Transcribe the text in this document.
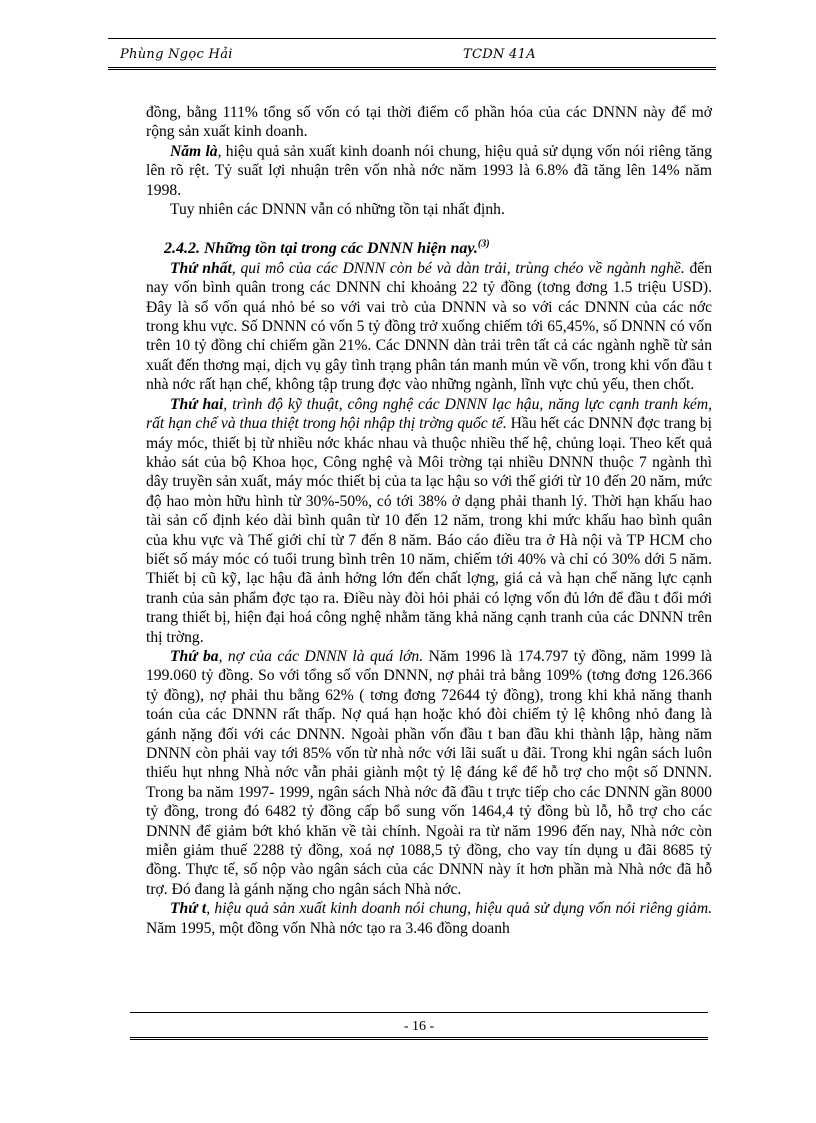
Phùng Ngọc Hải	TCDN 41A

đồng, bằng 111% tổng số vốn có tại thời điểm cổ phần hóa của các DNNN này để mở rộng sản xuất kinh doanh.

Năm là, hiệu quả sản xuất kinh doanh nói chung, hiệu quả sử dụng vốn nói riêng tăng lên rõ rệt. Tỷ suất lợi nhuận trên vốn nhà nớc năm 1993 là 6.8% đã tăng lên 14% năm 1998.

Tuy nhiên các DNNN vẫn có những tồn tại nhất định.

2.4.2. Những tồn tại trong các DNNN hiện nay.$^{(3)}$

Thứ nhất, qui mô của các DNNN còn bé và dàn trải, trùng chéo về ngành nghề. đến nay vốn bình quân trong các DNNN chỉ khoảng 22 tỷ đồng (tơng đơng 1.5 triệu USD). Đây là số vốn quá nhỏ bé so với vai trò của DNNN và so với các DNNN của các nớc trong khu vực. Số DNNN có vốn 5 tỷ đồng trở xuống chiếm tới 65,45%, số DNNN có vốn trên 10 tỷ đồng chỉ chiếm gần 21%. Các DNNN dàn trải trên tất cả các ngành nghề từ sản xuất đến thơng mại, dịch vụ gây tình trạng phân tán manh mún về vốn, trong khi vốn đầu t nhà nớc rất hạn chế, không tập trung đợc vào những ngành, lĩnh vực chủ yếu, then chốt.

Thứ hai, trình độ kỹ thuật, công nghệ các DNNN lạc hậu, năng lực cạnh tranh kém, rất hạn chế và thua thiệt trong hội nhập thị trờng quốc tế. Hầu hết các DNNN đợc trang bị máy móc, thiết bị từ nhiều nớc khác nhau và thuộc nhiều thế hệ, chủng loại. Theo kết quả khảo sát của bộ Khoa học, Công nghệ và Môi trờng tại nhiều DNNN thuộc 7 ngành thì dây truyền sản xuất, máy móc thiết bị của ta lạc hậu so với thế giới từ 10 đến 20 năm, mức độ hao mòn hữu hình từ 30%-50%, có tới 38% ở dạng phải thanh lý. Thời hạn khấu hao tài sản cố định kéo dài bình quân từ 10 đến 12 năm, trong khi mức khấu hao bình quân của khu vực và Thế giới chỉ từ 7 đến 8 năm. Báo cáo điều tra ở Hà nội và TP HCM cho biết số máy móc có tuổi trung bình trên 10 năm, chiếm tới 40% và chỉ có 30% dới 5 năm. Thiết bị cũ kỹ, lạc hậu đã ảnh hởng lớn đến chất lợng, giá cả và hạn chế năng lực cạnh tranh của sản phẩm đợc tạo ra. Điều này đòi hỏi phải có lợng vốn đủ lớn để đầu t đổi mới trang thiết bị, hiện đại hoá công nghệ nhằm tăng khả năng cạnh tranh của các DNNN trên thị trờng.

Thứ ba, nợ của các DNNN là quá lớn. Năm 1996 là 174.797 tỷ đồng, năm 1999 là 199.060 tỷ đồng. So với tổng số vốn DNNN, nợ phải trả bằng 109% (tơng đơng 126.366 tỷ đồng), nợ phải thu bằng 62% ( tơng đơng 72644 tỷ đồng), trong khi khả năng thanh toán của các DNNN rất thấp. Nợ quá hạn hoặc khó đòi chiếm tỷ lệ không nhỏ đang là gánh nặng đối với các DNNN. Ngoài phần vốn đầu t ban đầu khi thành lập, hàng năm DNNN còn phải vay tới 85% vốn từ nhà nớc với lãi suất u đãi. Trong khi ngân sách luôn thiếu hụt nhng Nhà nớc vẫn phải giành một tỷ lệ đáng kể để hỗ trợ cho một số DNNN. Trong ba năm 1997- 1999, ngân sách Nhà nớc đã đầu t trực tiếp cho các DNNN gần 8000 tỷ đồng, trong đó 6482 tỷ đồng cấp bổ sung vốn 1464,4 tỷ đồng bù lỗ, hỗ trợ cho các DNNN để giảm bớt khó khăn về tài chính. Ngoài ra từ năm 1996 đến nay, Nhà nớc còn miễn giảm thuế 2288 tỷ đồng, xoá nợ 1088,5 tỷ đồng, cho vay tín dụng u đãi 8685 tỷ đồng. Thực tế, số nộp vào ngân sách của các DNNN này ít hơn phần mà Nhà nớc đã hỗ trợ. Đó đang là gánh nặng cho ngân sách Nhà nớc.

Thứ t, hiệu quả sản xuất kinh doanh nói chung, hiệu quả sử dụng vốn nói riêng giảm. Năm 1995, một đồng vốn Nhà nớc tạo ra 3.46 đồng doanh

- 16 -
